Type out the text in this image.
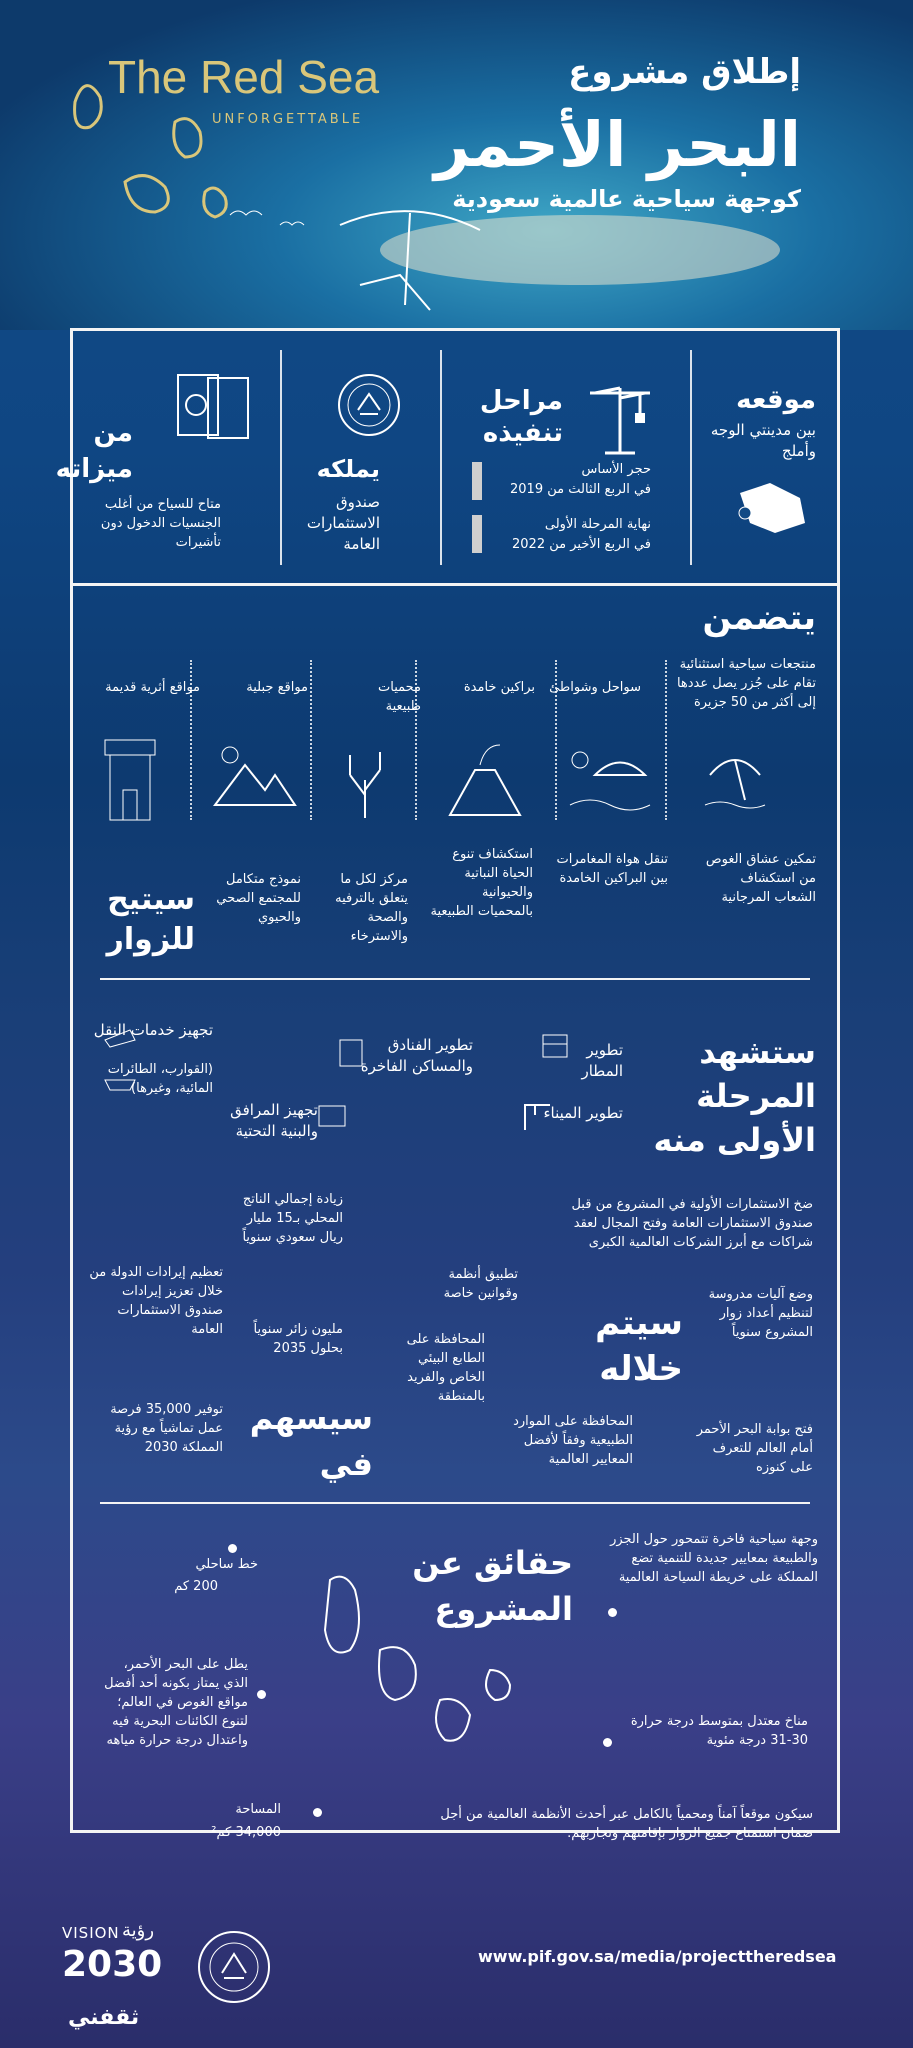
The Red Sea
UNFORGETTABLE
إطلاق مشروع
البحر الأحمر
كوجهة سياحية عالمية سعودية
موقعه
بين مدينتي الوجه وأملج
مراحل تنفيذه
حجر الأساس
في الربع الثالث من 2019
نهاية المرحلة الأولى
في الربع الأخير من 2022
يملكه
صندوق الاستثمارات العامة
من ميزاته
متاح للسياح من أغلب الجنسيات الدخول دون تأشيرات
يتضمن
منتجعات سياحية استثنائية تقام على جُزر يصل عددها إلى أكثر من 50 جزيرة
سواحل وشواطئ
براكين خامدة
محميات طبيعية
مواقع جبلية
مواقع أثرية قديمة
تمكين عشاق الغوص من استكشاف الشعاب المرجانية
تنقل هواة المغامرات بين البراكين الخامدة
استكشاف تنوع الحياة النباتية والحيوانية بالمحميات الطبيعية
مركز لكل ما يتعلق بالترفيه والصحة والاسترخاء
نموذج متكامل للمجتمع الصحي والحيوي
سيتيح للزوار
ستشهد المرحلة الأولى منه
تطوير المطار
تطوير الفنادق والمساكن الفاخرة
تجهيز خدمات النقل
(القوارب، الطائرات المائية، وغيرها)
تطوير الميناء
تجهيز المرافق والبنية التحتية
ضخ الاستثمارات الأولية في المشروع من قبل صندوق الاستثمارات العامة وفتح المجال لعقد شراكات مع أبرز الشركات العالمية الكبرى
تطبيق أنظمة وقوانين خاصة	وضع آليات مدروسة لتنظيم أعداد زوار المشروع سنوياً
سيتم خلاله
المحافظة على الطابع البيئي الخاص والفريد بالمنطقة
المحافظة على الموارد الطبيعية وفقاً لأفضل المعايير العالمية
فتح بوابة البحر الأحمر أمام العالم للتعرف على كنوزه
زيادة إجمالي الناتج المحلي بـ15 مليار ريال سعودي سنوياً
تعظيم إيرادات الدولة من خلال تعزيز إيرادات صندوق الاستثمارات العامة	مليون زائر سنوياً بحلول 2035
سيسهم في
توفير 35,000 فرصة عمل تماشياً مع رؤية المملكة 2030
حقائق عن المشروع
خط ساحلي
200 كم
وجهة سياحية فاخرة تتمحور حول الجزر والطبيعة بمعايير جديدة للتنمية تضع المملكة على خريطة السياحة العالمية
يطل على البحر الأحمر، الذي يمتاز بكونه أحد أفضل مواقع الغوص في العالم؛ لتنوع الكائنات البحرية فيه واعتدال درجة حرارة مياهه
مناخ معتدل بمتوسط درجة حرارة 30-31 درجة مئوية
المساحة
34,000 كم²
سيكون موقعاً آمناً ومحمياً بالكامل عبر أحدث الأنظمة العالمية من أجل ضمان استمتاع جميع الزوار بإقامتهم وتجاربهم.
VISION رؤية
2030	www.pif.gov.sa/media/projecttheredsea
ثقفني
